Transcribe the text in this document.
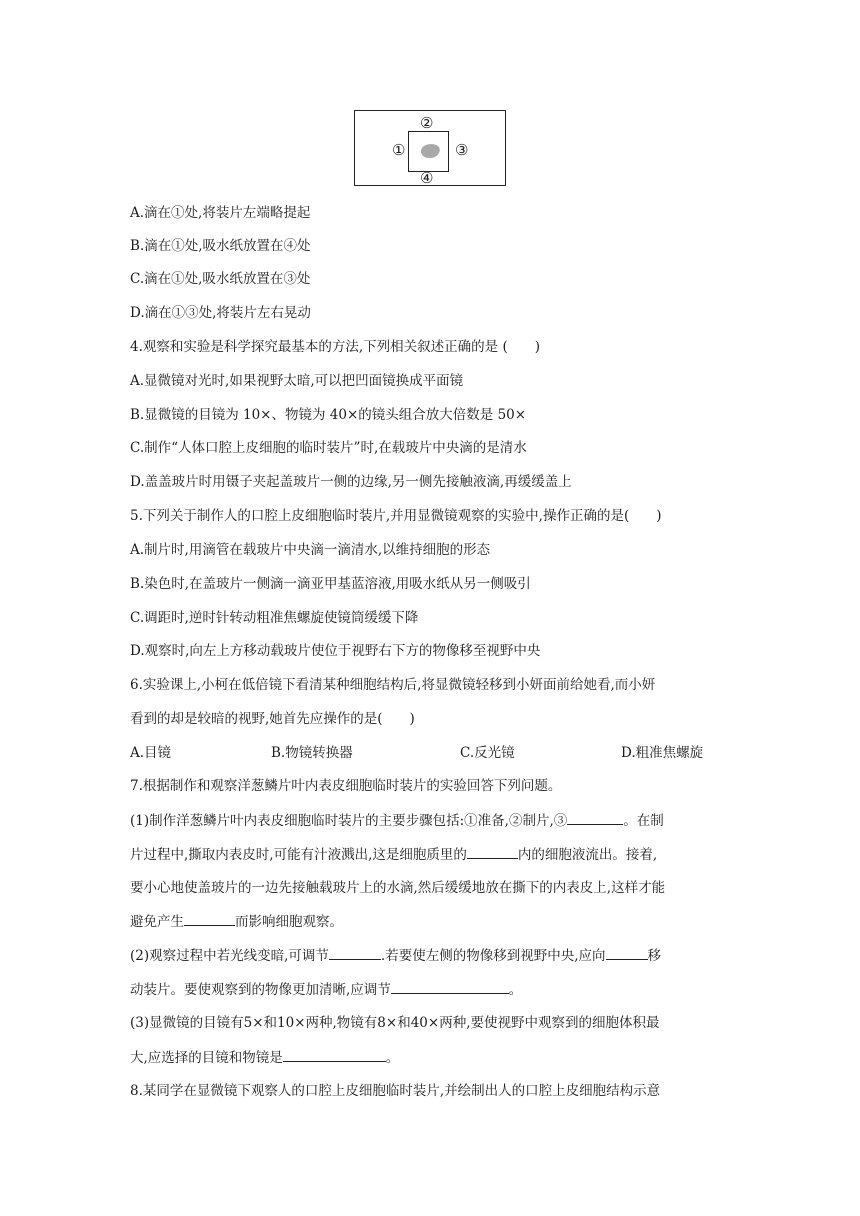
①
②
③
④
A.滴在①处,将装片左端略提起
B.滴在①处,吸水纸放置在④处
C.滴在①处,吸水纸放置在③处
D.滴在①③处,将装片左右晃动
4.观察和实验是科学探究最基本的方法,下列相关叙述正确的是 (　　)
A.显微镜对光时,如果视野太暗,可以把凹面镜换成平面镜
B.显微镜的目镜为 10×、物镜为 40×的镜头组合放大倍数是 50×
C.制作“人体口腔上皮细胞的临时装片”时,在载玻片中央滴的是清水
D.盖盖玻片时用镊子夹起盖玻片一侧的边缘,另一侧先接触液滴,再缓缓盖上
5.下列关于制作人的口腔上皮细胞临时装片,并用显微镜观察的实验中,操作正确的是(　　)
A.制片时,用滴管在载玻片中央滴一滴清水,以维持细胞的形态
B.染色时,在盖玻片一侧滴一滴亚甲基蓝溶液,用吸水纸从另一侧吸引
C.调距时,逆时针转动粗准焦螺旋使镜筒缓缓下降
D.观察时,向左上方移动载玻片使位于视野右下方的物像移至视野中央
6.实验课上,小柯在低倍镜下看清某种细胞结构后,将显微镜轻移到小妍面前给她看,而小妍
看到的却是较暗的视野,她首先应操作的是(　　)
A.目镜	B.物镜转换器	C.反光镜	D.粗准焦螺旋
7.根据制作和观察洋葱鳞片叶内表皮细胞临时装片的实验回答下列问题。
(1)制作洋葱鳞片叶内表皮细胞临时装片的主要步骤包括:①准备,②制片,③	。在制
片过程中,撕取内表皮时,可能有汁液溅出,这是细胞质里的	内的细胞液流出。接着,
要小心地使盖玻片的一边先接触载玻片上的水滴,然后缓缓地放在撕下的内表皮上,这样才能
避免产生	而影响细胞观察。
(2)观察过程中若光线变暗,可调节	.若要使左侧的物像移到视野中央,应向	移
动装片。要使观察到的物像更加清晰,应调节	。
(3)显微镜的目镜有5×和10×两种,物镜有8×和40×两种,要使视野中观察到的细胞体积最
大,应选择的目镜和物镜是	。
8.某同学在显微镜下观察人的口腔上皮细胞临时装片,并绘制出人的口腔上皮细胞结构示意
